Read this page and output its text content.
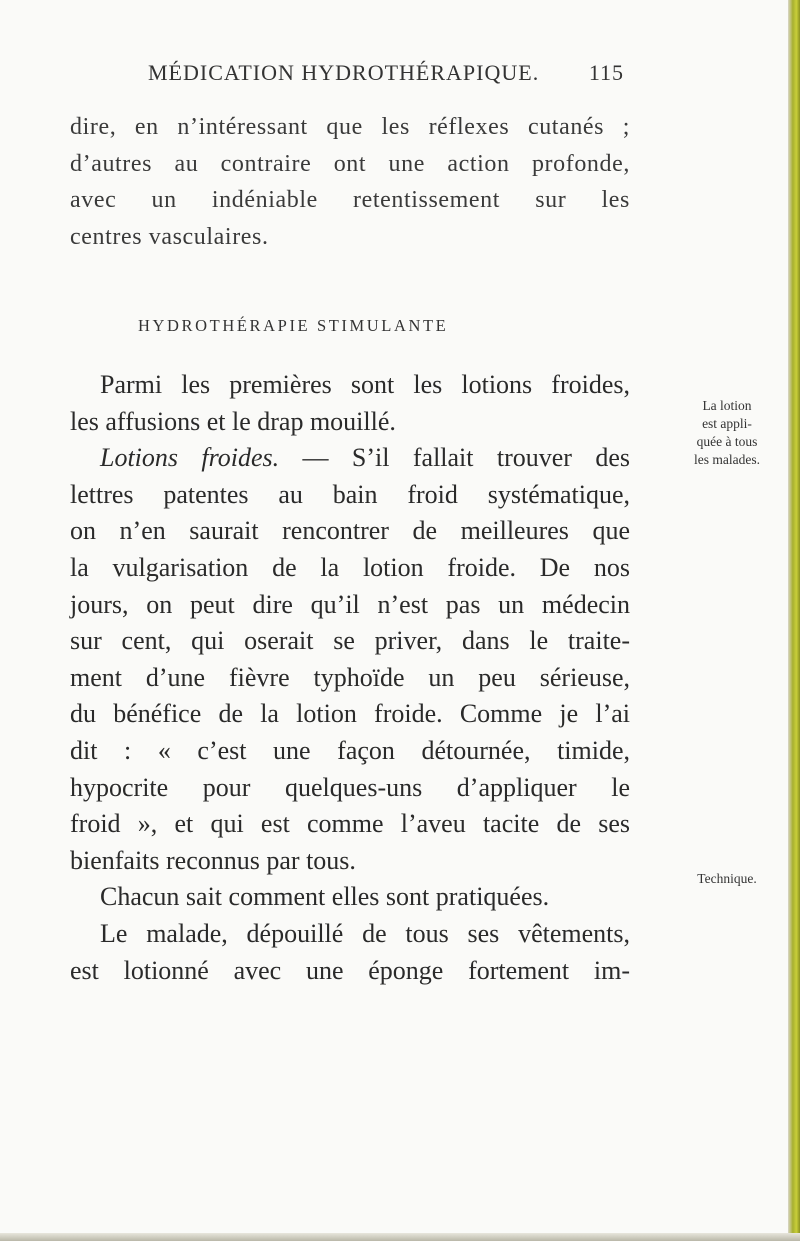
MÉDICATION HYDROTHÉRAPIQUE. 115
dire, en n’intéressant que les réflexes cutanés ;
d’autres au contraire ont une action profonde,
avec un indéniable retentissement sur les
centres vasculaires.
HYDROTHÉRAPIE STIMULANTE
Parmi les premières sont les lotions froides,
les affusions et le drap mouillé.
Lotions froides. — S’il fallait trouver des
lettres patentes au bain froid systématique,
on n’en saurait rencontrer de meilleures que
la vulgarisation de la lotion froide. De nos
jours, on peut dire qu’il n’est pas un médecin
sur cent, qui oserait se priver, dans le traite-
ment d’une fièvre typhoïde un peu sérieuse,
du bénéfice de la lotion froide. Comme je l’ai
dit : « c’est une façon détournée, timide,
hypocrite pour quelques-uns d’appliquer le
froid », et qui est comme l’aveu tacite de ses
bienfaits reconnus par tous.
Chacun sait comment elles sont pratiquées.
Le malade, dépouillé de tous ses vêtements,
est lotionné avec une éponge fortement im-
La lotion
est appli-
quée à tous
les malades.
Technique.
